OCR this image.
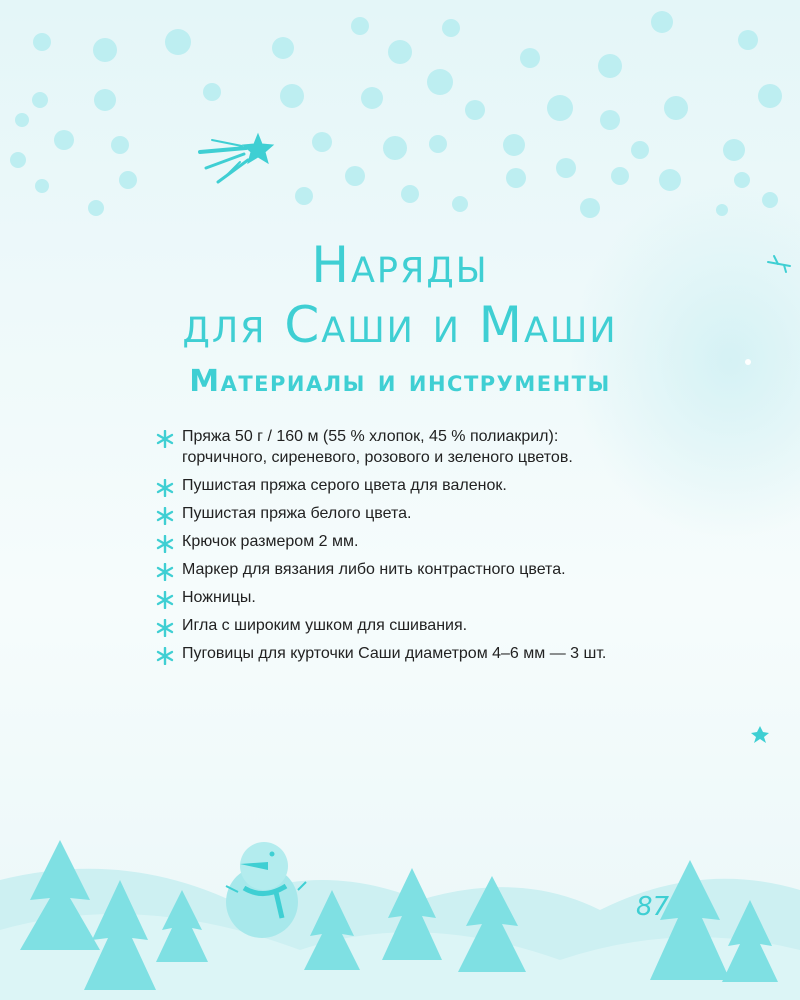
Наряды
для Саши и Маши
Материалы и инструменты
Пряжа 50 г / 160 м (55 % хлопок, 45 % полиакрил): горчичного, сиреневого, розового и зеленого цветов.
Пушистая пряжа серого цвета для валенок.
Пушистая пряжа белого цвета.
Крючок размером 2 мм.
Маркер для вязания либо нить контрастного цвета.
Ножницы.
Игла с широким ушком для сшивания.
Пуговицы для курточки Саши диаметром 4–6 мм — 3 шт.
87
